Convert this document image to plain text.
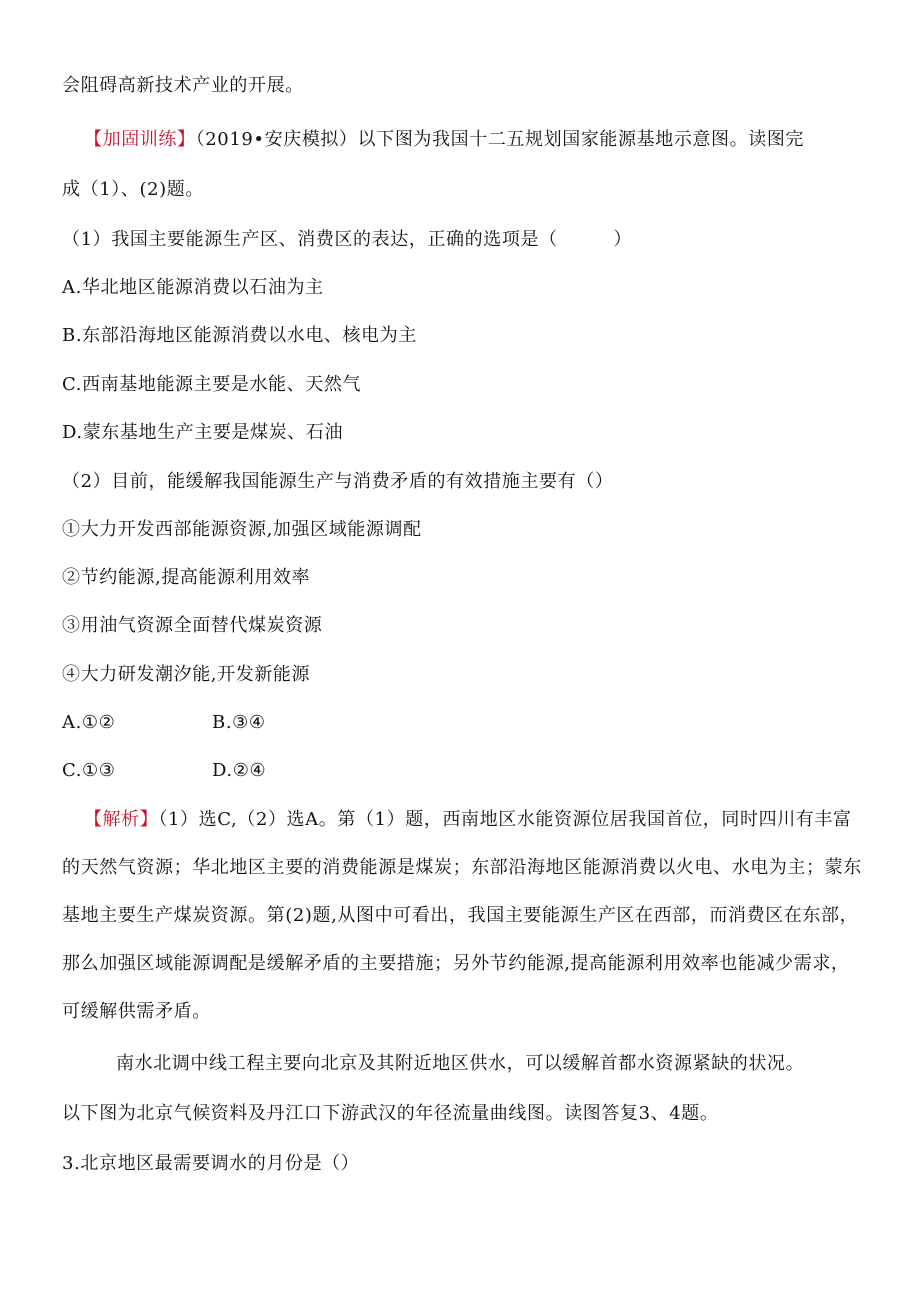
会阻碍高新技术产业的开展。
【加固训练】（2019•安庆模拟）以下图为我国十二五规划国家能源基地示意图。读图完
成（1）、(2)题。
（1）我国主要能源生产区、消费区的表达，正确的选项是（　　　）
A.华北地区能源消费以石油为主
B.东部沿海地区能源消费以水电、核电为主
C.西南基地能源主要是水能、天然气
D.蒙东基地生产主要是煤炭、石油
（2）目前，能缓解我国能源生产与消费矛盾的有效措施主要有（）
①大力开发西部能源资源,加强区域能源调配
②节约能源,提高能源利用效率
③用油气资源全面替代煤炭资源
④大力研发潮汐能,开发新能源
A.①②	B.③④
C.①③	D.②④
【解析】（1）选C,（2）选A。第（1）题，西南地区水能资源位居我国首位，同时四川有丰富的天然气资源；华北地区主要的消费能源是煤炭；东部沿海地区能源消费以火电、水电为主；蒙东基地主要生产煤炭资源。第(2)题,从图中可看出，我国主要能源生产区在西部，而消费区在东部，那么加强区域能源调配是缓解矛盾的主要措施；另外节约能源,提高能源利用效率也能减少需求，可缓解供需矛盾。
南水北调中线工程主要向北京及其附近地区供水，可以缓解首都水资源紧缺的状况。
以下图为北京气候资料及丹江口下游武汉的年径流量曲线图。读图答复3、4题。
3.北京地区最需要调水的月份是（）
